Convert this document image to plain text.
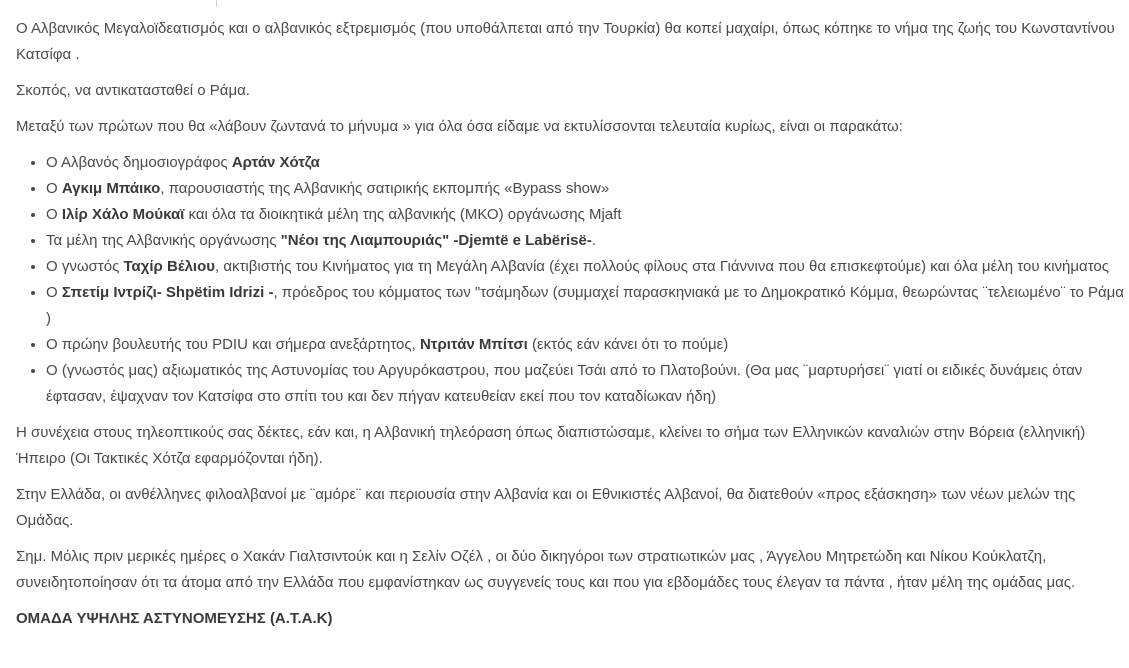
Ο Αλβανικός Μεγαλοϊδεατισμός και ο αλβανικός εξτρεμισμός (που υποθάλπεται από την Τουρκία) θα κοπεί μαχαίρι, όπως κόπηκε το νήμα της ζωής του Κωνσταντίνου Κατσίφα .

Σκοπός, να αντικατασταθεί ο Ράμα.

Μεταξύ των πρώτων που θα «λάβουν ζωντανά το μήνυμα » για όλα όσα είδαμε να εκτυλίσσονται τελευταία κυρίως, είναι οι παρακάτω:

• Ο Αλβανός δημοσιογράφος Αρτάν Χότζα
• Ο Αγκιμ Μπάικο, παρουσιαστής της Αλβανικής σατιρικής εκπομπής «Bypass show»
• Ο Ιλίρ Χάλο Μούκαϊ και όλα τα διοικητικά μέλη της αλβανικής (ΜΚΟ) οργάνωσης Mjaft
• Τα μέλη της Αλβανικής οργάνωσης "Νέοι της Λιαμπουριάς" -Djemtë e Labërisë-.
• Ο γνωστός Ταχίρ Βέλιου, ακτιβιστής του Κινήματος για τη Μεγάλη Αλβανία (έχει πολλούς φίλους στα Γιάννινα που θα επισκεφτούμε) και όλα μέλη του κινήματος
• Ο Σπετίμ Ιντρίζι- Shpëtim Idrizi -, πρόεδρος του κόμματος των "τσάμηδων (συμμαχεί παρασκηνιακά με το Δημοκρατικό Κόμμα, θεωρώντας ¨τελειωμένο¨ το Ράμα )
• Ο πρώην βουλευτής του PDIU και σήμερα ανεξάρτητος, Ντριτάν Μπίτσι (εκτός εάν κάνει ότι το πούμε)
• Ο (γνωστός μας) αξιωματικός της Αστυνομίας του Αργυρόκαστρου, που μαζεύει Τσάι από το Πλατοβούνι. (Θα μας ¨μαρτυρήσει¨ γιατί οι ειδικές δυνάμεις όταν έφτασαν, έψαχναν τον Κατσίφα στο σπίτι του και δεν πήγαν κατευθείαν εκεί που τον καταδίωκαν ήδη)

Η συνέχεια στους τηλεοπτικούς σας δέκτες, εάν και, η Αλβανική τηλεόραση όπως διαπιστώσαμε, κλείνει το σήμα των Ελληνικών καναλιών στην Βόρεια (ελληνική) Ήπειρο (Οι Τακτικές Χότζα εφαρμόζονται ήδη).

Στην Ελλάδα, οι ανθέλληνες φιλοαλβανοί με ¨αμόρε¨ και περιουσία στην Αλβανία και οι Εθνικιστές Αλβανοί, θα διατεθούν «προς εξάσκηση» των νέων μελών της Ομάδας.

Σημ. Μόλις πριν μερικές ημέρες ο Χακάν Γιαλτσιντούκ και η Σελίν Οζέλ , οι δύο δικηγόροι των στρατιωτικών μας , Άγγελου Μητρετώδη και Νίκου Κούκλατζη, συνειδητοποίησαν ότι τα άτομα από την Ελλάδα που εμφανίστηκαν ως συγγενείς τους και που για εβδομάδες τους έλεγαν τα πάντα , ήταν μέλη της ομάδας μας.

ΟΜΑΔΑ ΥΨΗΛΗΣ ΑΣΤΥΝΟΜΕΥΣΗΣ (Α.Τ.Α.Κ)
